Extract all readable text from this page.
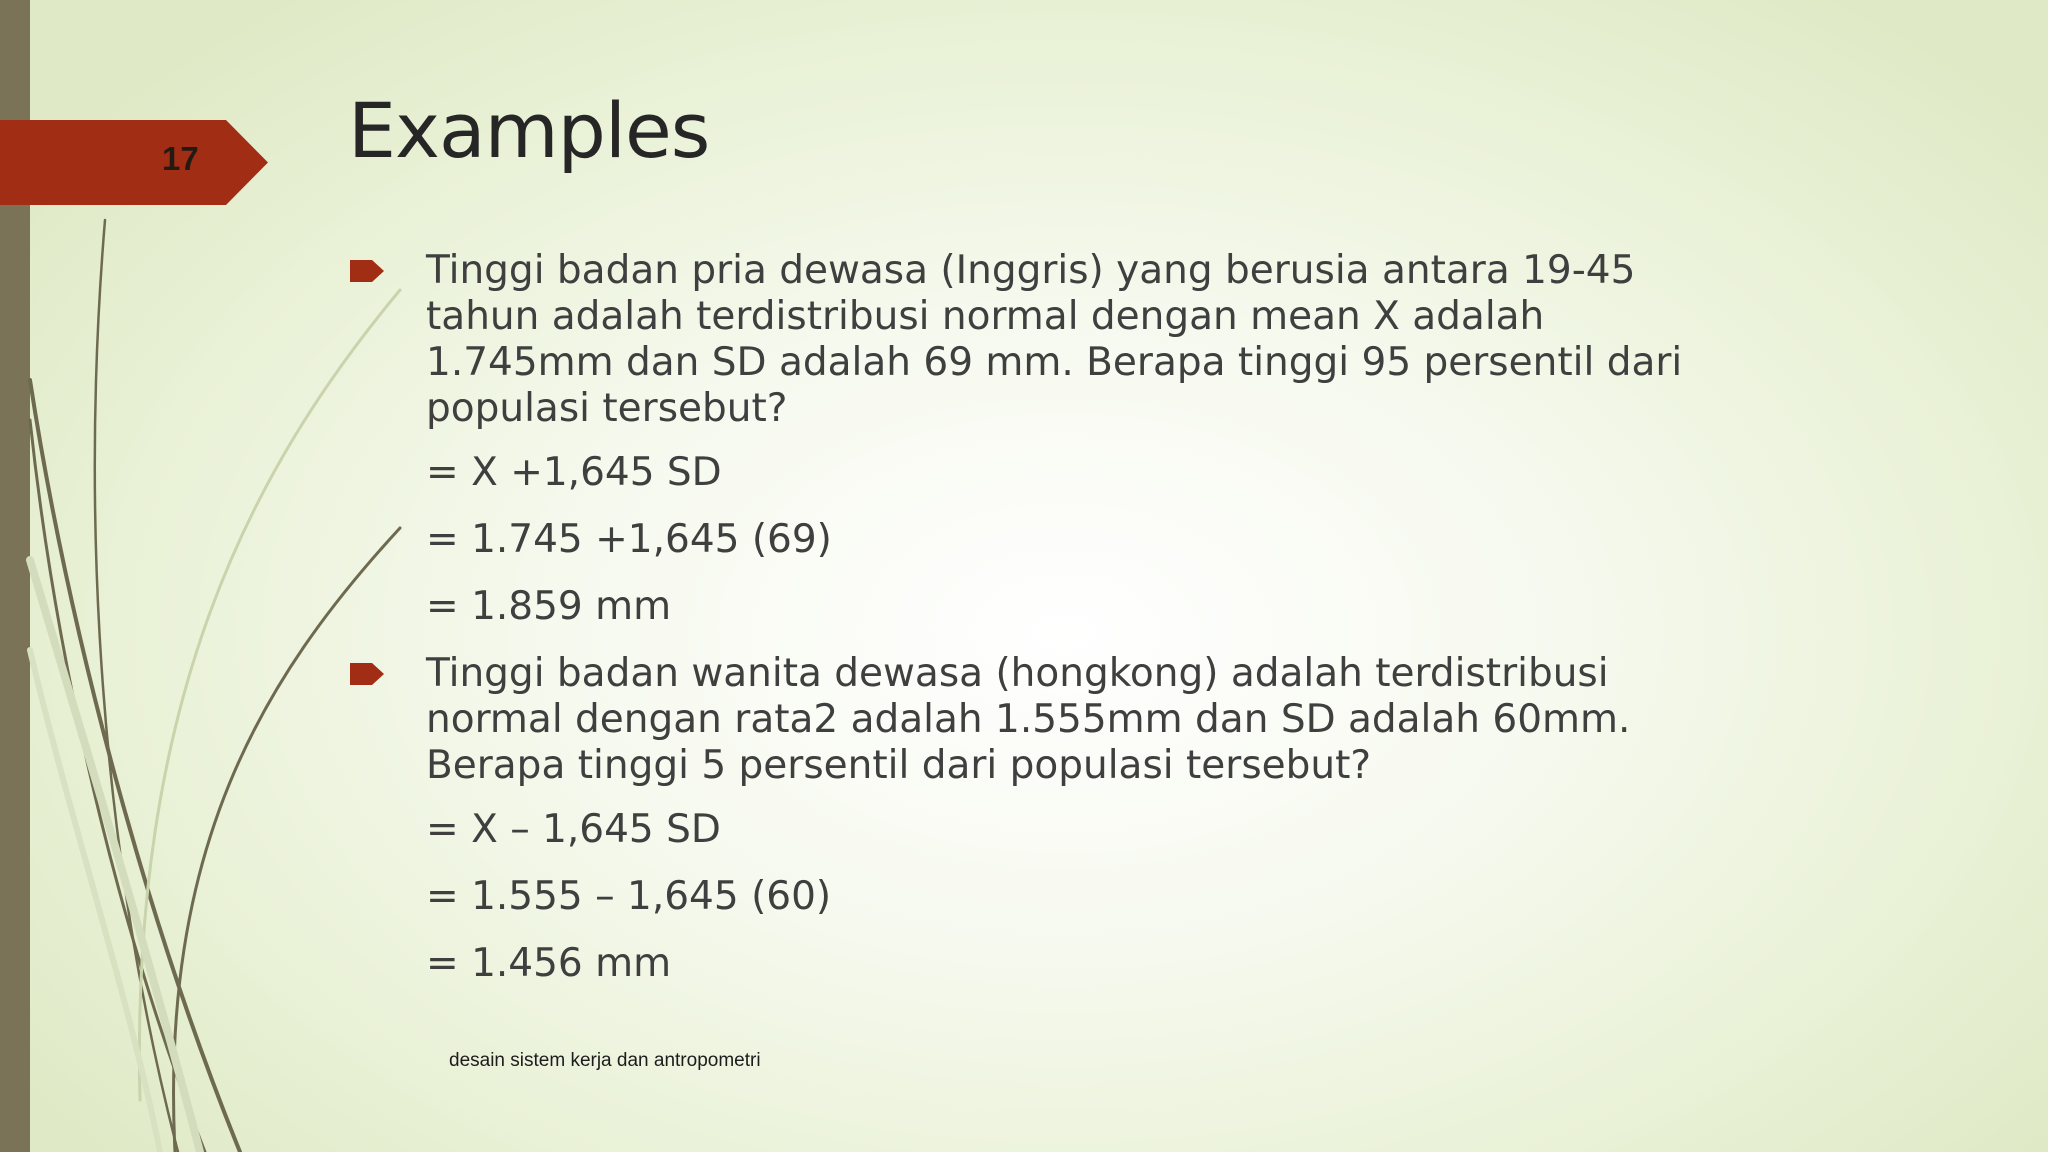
17 Examples
Tinggi badan pria dewasa (Inggris) yang berusia antara 19-45 tahun adalah terdistribusi normal dengan mean X adalah 1.745mm dan SD adalah 69 mm. Berapa tinggi 95 persentil dari populasi tersebut?
= X +1,645 SD
= 1.745 +1,645 (69)
= 1.859 mm
Tinggi badan wanita dewasa (hongkong) adalah terdistribusi normal dengan rata2 adalah 1.555mm dan SD adalah 60mm. Berapa tinggi 5 persentil dari populasi tersebut?
= X – 1,645 SD
= 1.555 – 1,645 (60)
= 1.456 mm
desain sistem kerja dan antropometri
